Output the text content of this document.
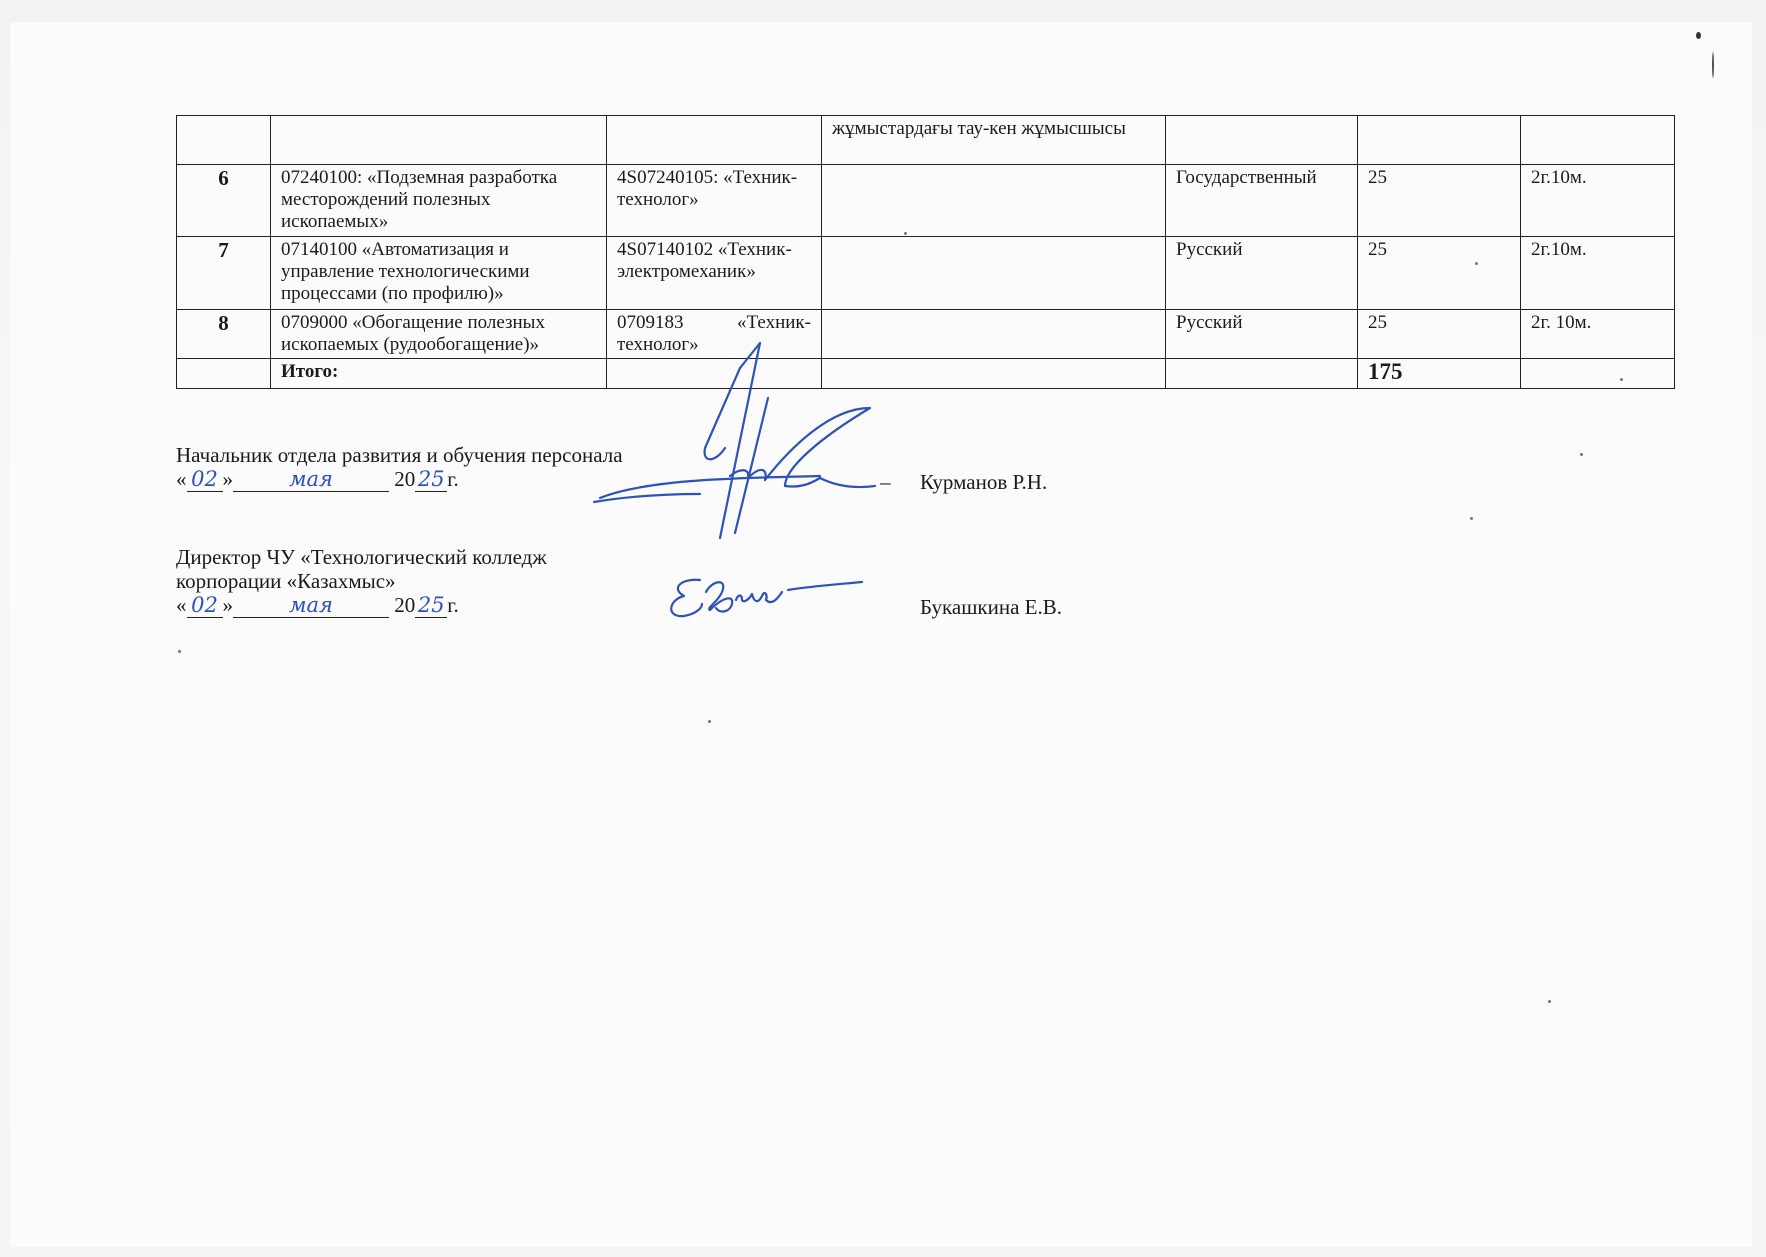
			жұмыстардағы тау-кен жұмысшысы			
6	07240100: «Подземная разработка месторождений полезных ископаемых»	4S07240105: «Техник-технолог»		Государственный	25	2г.10м.
7	07140100 «Автоматизация и управление технологическими процессами (по профилю)»	4S07140102 «Техник-электромеханик»		Русский	25	2г.10м.
8	0709000 «Обогащение полезных ископаемых (рудообогащение)»	0709183 «Техник-технолог»		Русский	25	2г. 10м.
	Итого:				175	
Начальник отдела развития и обучения персонала
« 02 »	мая	20 25 г.	– Курманов Р.Н.
Директор ЧУ «Технологический колледж
корпорации «Казахмыс»
« 02 »	мая	20 25 г.	Букашкина Е.В.
